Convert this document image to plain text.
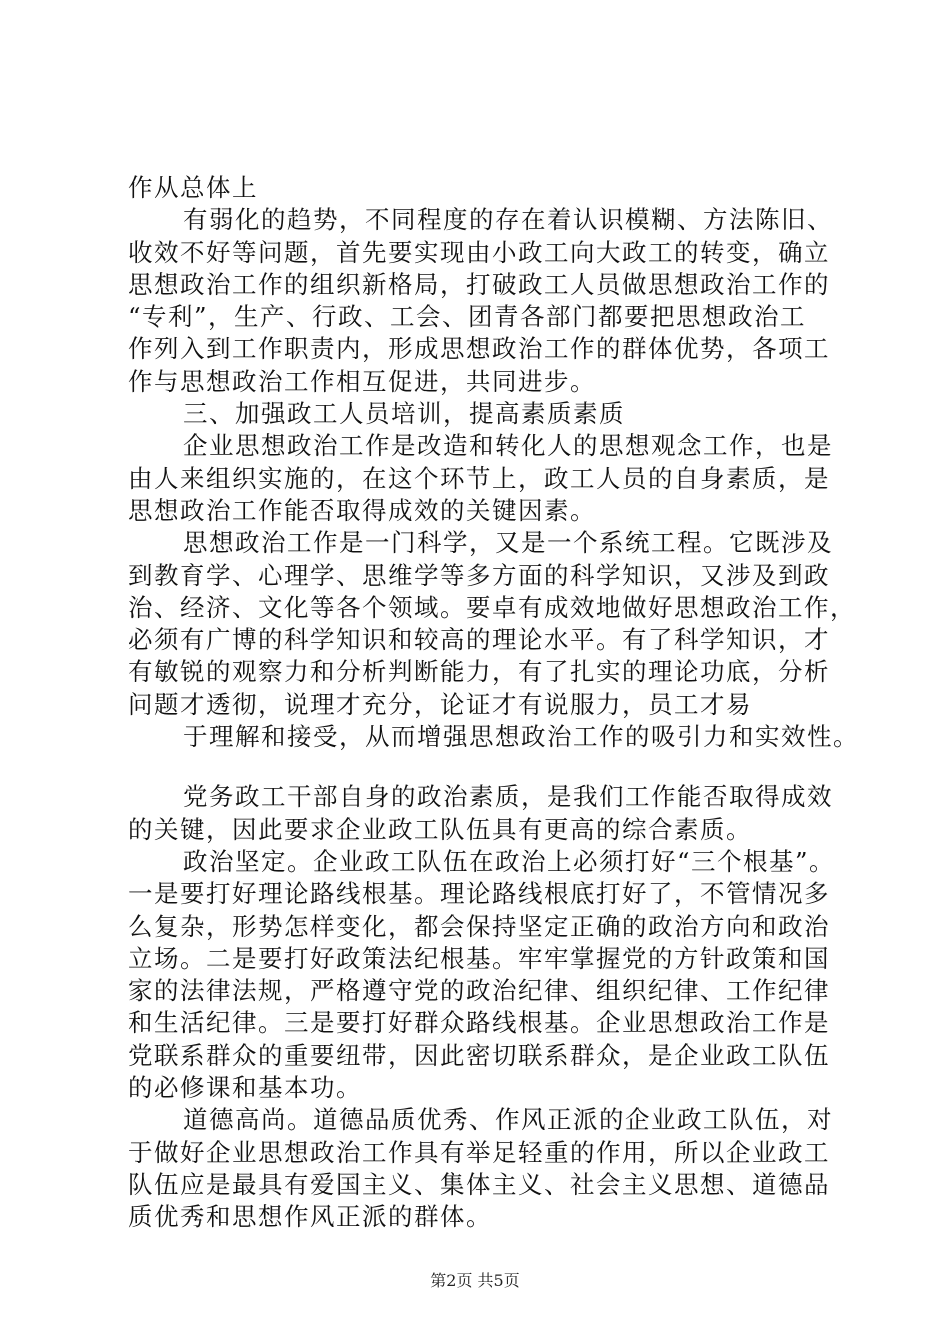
作从总体上
有弱化的趋势，不同程度的存在着认识模糊、方法陈旧、
收效不好等问题，首先要实现由小政工向大政工的转变，确立
思想政治工作的组织新格局，打破政工人员做思想政治工作的
“专利”，生产、行政、工会、团青各部门都要把思想政治工
作列入到工作职责内，形成思想政治工作的群体优势，各项工
作与思想政治工作相互促进，共同进步。
三、加强政工人员培训，提高素质素质
企业思想政治工作是改造和转化人的思想观念工作，也是
由人来组织实施的，在这个环节上，政工人员的自身素质，是
思想政治工作能否取得成效的关键因素。
思想政治工作是一门科学，又是一个系统工程。它既涉及
到教育学、心理学、思维学等多方面的科学知识，又涉及到政
治、经济、文化等各个领域。要卓有成效地做好思想政治工作，
必须有广博的科学知识和较高的理论水平。有了科学知识，才
有敏锐的观察力和分析判断能力，有了扎实的理论功底，分析
问题才透彻，说理才充分，论证才有说服力，员工才易
于理解和接受，从而增强思想政治工作的吸引力和实效性。
党务政工干部自身的政治素质，是我们工作能否取得成效
的关键，因此要求企业政工队伍具有更高的综合素质。
政治坚定。企业政工队伍在政治上必须打好“三个根基”。
一是要打好理论路线根基。理论路线根底打好了，不管情况多
么复杂，形势怎样变化，都会保持坚定正确的政治方向和政治
立场。二是要打好政策法纪根基。牢牢掌握党的方针政策和国
家的法律法规，严格遵守党的政治纪律、组织纪律、工作纪律
和生活纪律。三是要打好群众路线根基。企业思想政治工作是
党联系群众的重要纽带，因此密切联系群众，是企业政工队伍
的必修课和基本功。
道德高尚。道德品质优秀、作风正派的企业政工队伍，对
于做好企业思想政治工作具有举足轻重的作用，所以企业政工
队伍应是最具有爱国主义、集体主义、社会主义思想、道德品
质优秀和思想作风正派的群体。
第2页 共5页
